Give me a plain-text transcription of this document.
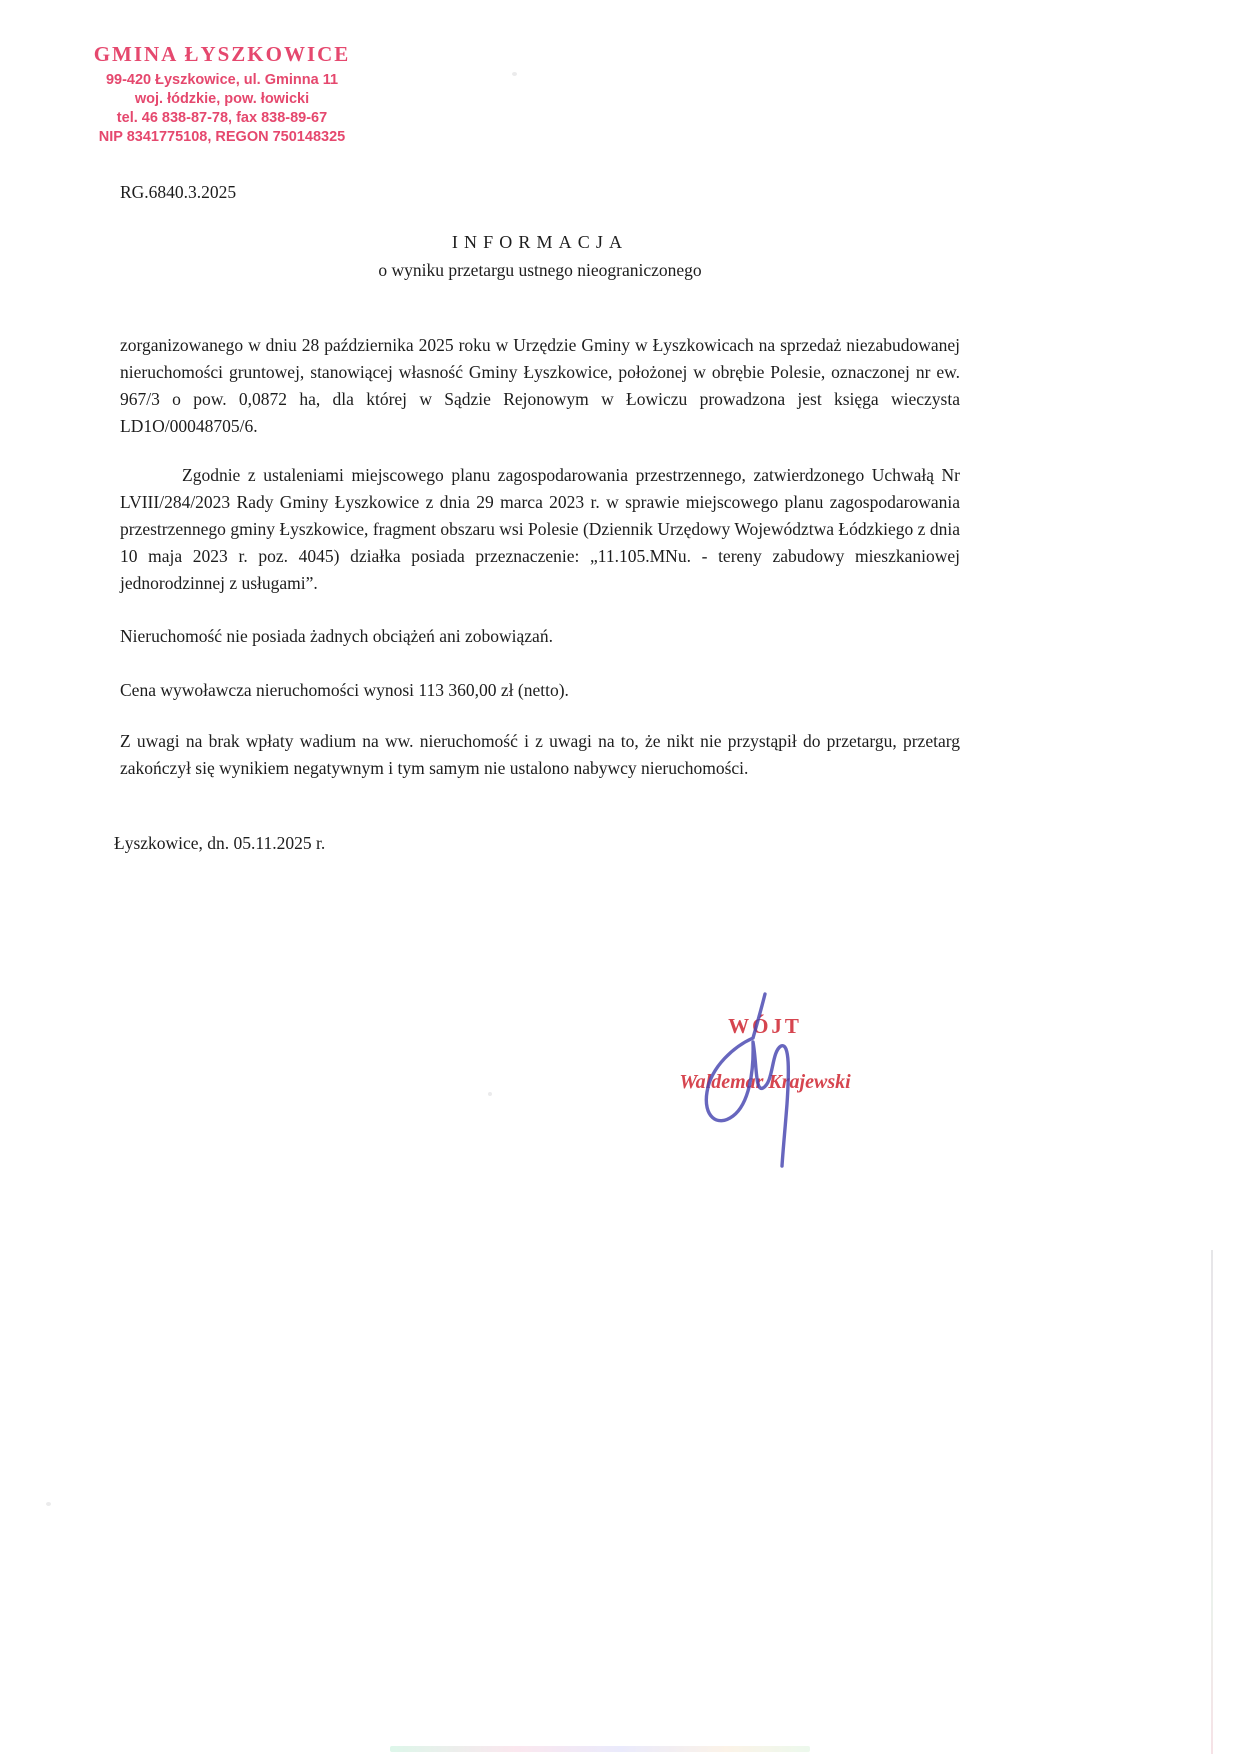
GMINA ŁYSZKOWICE
99-420 Łyszkowice, ul. Gminna 11
woj. łódzkie, pow. łowicki
tel. 46 838-87-78, fax 838-89-67
NIP 8341775108, REGON 750148325

RG.6840.3.2025

INFORMACJA

o wyniku przetargu ustnego nieograniczonego

zorganizowanego w dniu 28 października 2025 roku w Urzędzie Gminy w Łyszkowicach na sprzedaż niezabudowanej nieruchomości gruntowej, stanowiącej własność Gminy Łyszkowice, położonej w obrębie Polesie, oznaczonej nr ew. 967/3 o pow. 0,0872 ha, dla której w Sądzie Rejonowym w Łowiczu prowadzona jest księga wieczysta LD1O/00048705/6.

Zgodnie z ustaleniami miejscowego planu zagospodarowania przestrzennego, zatwierdzonego Uchwałą Nr LVIII/284/2023 Rady Gminy Łyszkowice z dnia 29 marca 2023 r. w sprawie miejscowego planu zagospodarowania przestrzennego gminy Łyszkowice, fragment obszaru wsi Polesie (Dziennik Urzędowy Województwa Łódzkiego z dnia 10 maja 2023 r. poz. 4045) działka posiada przeznaczenie: „11.105.MNu. - tereny zabudowy mieszkaniowej jednorodzinnej z usługami”.

Nieruchomość nie posiada żadnych obciążeń ani zobowiązań.

Cena wywoławcza nieruchomości wynosi 113 360,00 zł (netto).

Z uwagi na brak wpłaty wadium na ww. nieruchomość i z uwagi na to, że nikt nie przystąpił do przetargu, przetarg zakończył się wynikiem negatywnym i tym samym nie ustalono nabywcy nieruchomości.

Łyszkowice, dn. 05.11.2025 r.

WÓJT
Waldemar Krajewski
